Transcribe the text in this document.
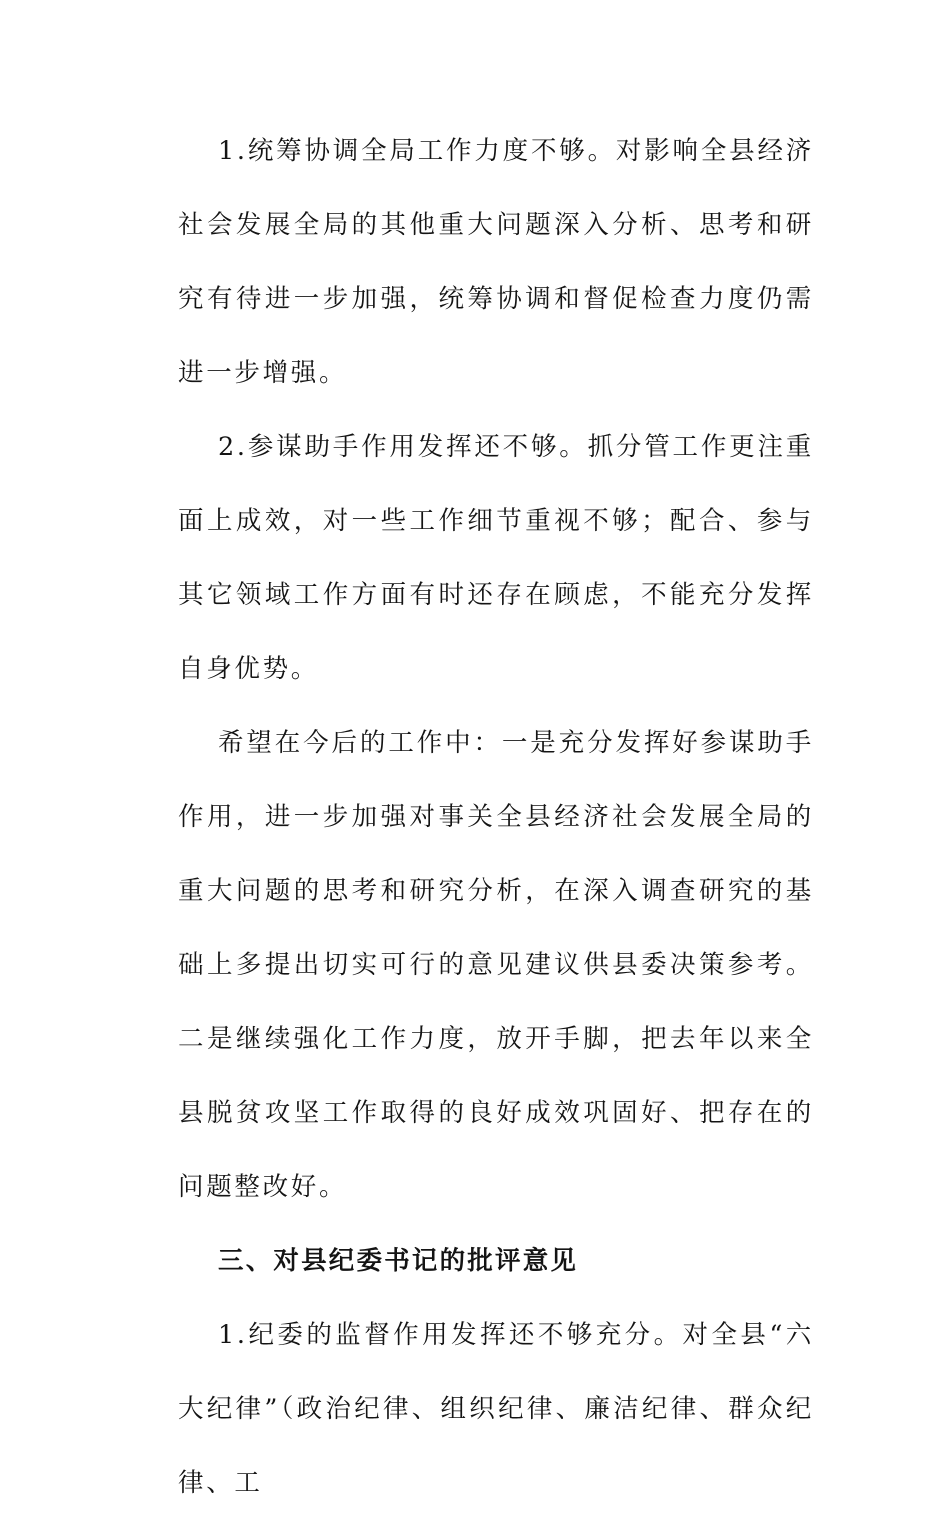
1.统筹协调全局工作力度不够。对影响全县经济社会发展全局的其他重大问题深入分析、思考和研究有待进一步加强，统筹协调和督促检查力度仍需进一步增强。

2.参谋助手作用发挥还不够。抓分管工作更注重面上成效，对一些工作细节重视不够；配合、参与其它领域工作方面有时还存在顾虑，不能充分发挥自身优势。

希望在今后的工作中：一是充分发挥好参谋助手作用，进一步加强对事关全县经济社会发展全局的重大问题的思考和研究分析，在深入调查研究的基础上多提出切实可行的意见建议供县委决策参考。二是继续强化工作力度，放开手脚，把去年以来全县脱贫攻坚工作取得的良好成效巩固好、把存在的问题整改好。

三、对县纪委书记的批评意见

1.纪委的监督作用发挥还不够充分。对全县“六大纪律”（政治纪律、组织纪律、廉洁纪律、群众纪律、工
